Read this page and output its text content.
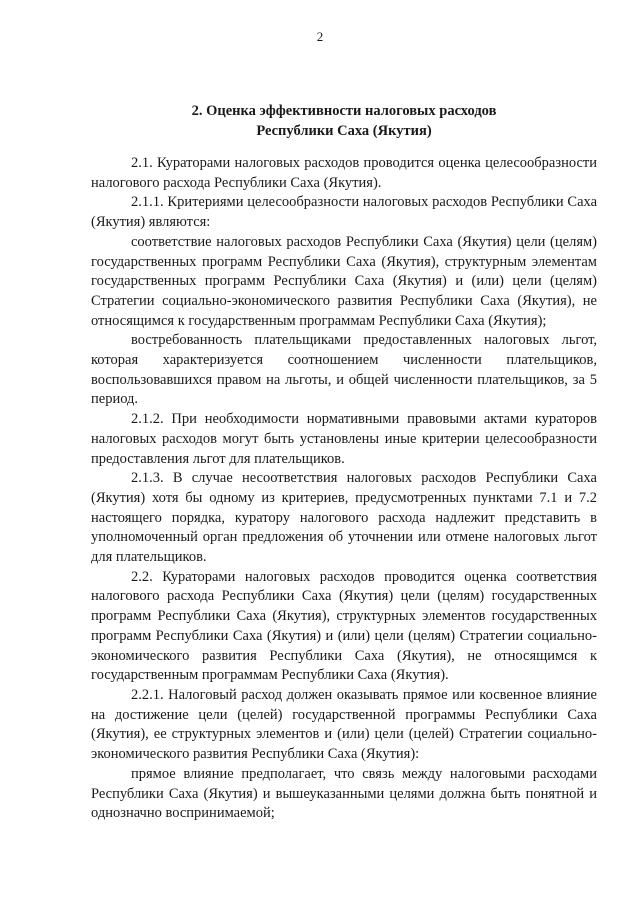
2
2. Оценка эффективности налоговых расходов
Республики Саха (Якутия)

2.1. Кураторами налоговых расходов проводится оценка целесообразности налогового расхода Республики Саха (Якутия).

2.1.1. Критериями целесообразности налоговых расходов Республики Саха (Якутия) являются:

соответствие налоговых расходов Республики Саха (Якутия) цели (целям) государственных программ Республики Саха (Якутия), структурным элементам государственных программ Республики Саха (Якутия) и (или) цели (целям) Стратегии социально-экономического развития Республики Саха (Якутия), не относящимся к государственным программам Республики Саха (Якутия);

востребованность плательщиками предоставленных налоговых льгот, которая характеризуется соотношением численности плательщиков, воспользовавшихся правом на льготы, и общей численности плательщиков, за 5 период.

2.1.2. При необходимости нормативными правовыми актами кураторов налоговых расходов могут быть установлены иные критерии целесообразности предоставления льгот для плательщиков.

2.1.3. В случае несоответствия налоговых расходов Республики Саха (Якутия) хотя бы одному из критериев, предусмотренных пунктами 7.1 и 7.2 настоящего порядка, куратору налогового расхода надлежит представить в уполномоченный орган предложения об уточнении или отмене налоговых льгот для плательщиков.

2.2. Кураторами налоговых расходов проводится оценка соответствия налогового расхода Республики Саха (Якутия) цели (целям) государственных программ Республики Саха (Якутия), структурных элементов государственных программ Республики Саха (Якутия) и (или) цели (целям) Стратегии социально-экономического развития Республики Саха (Якутия), не относящимся к государственным программам Республики Саха (Якутия).

2.2.1. Налоговый расход должен оказывать прямое или косвенное влияние на достижение цели (целей) государственной программы Республики Саха (Якутия), ее структурных элементов и (или) цели (целей) Стратегии социально-экономического развития Республики Саха (Якутия):

прямое влияние предполагает, что связь между налоговыми расходами Республики Саха (Якутия) и вышеуказанными целями должна быть понятной и однозначно воспринимаемой;
